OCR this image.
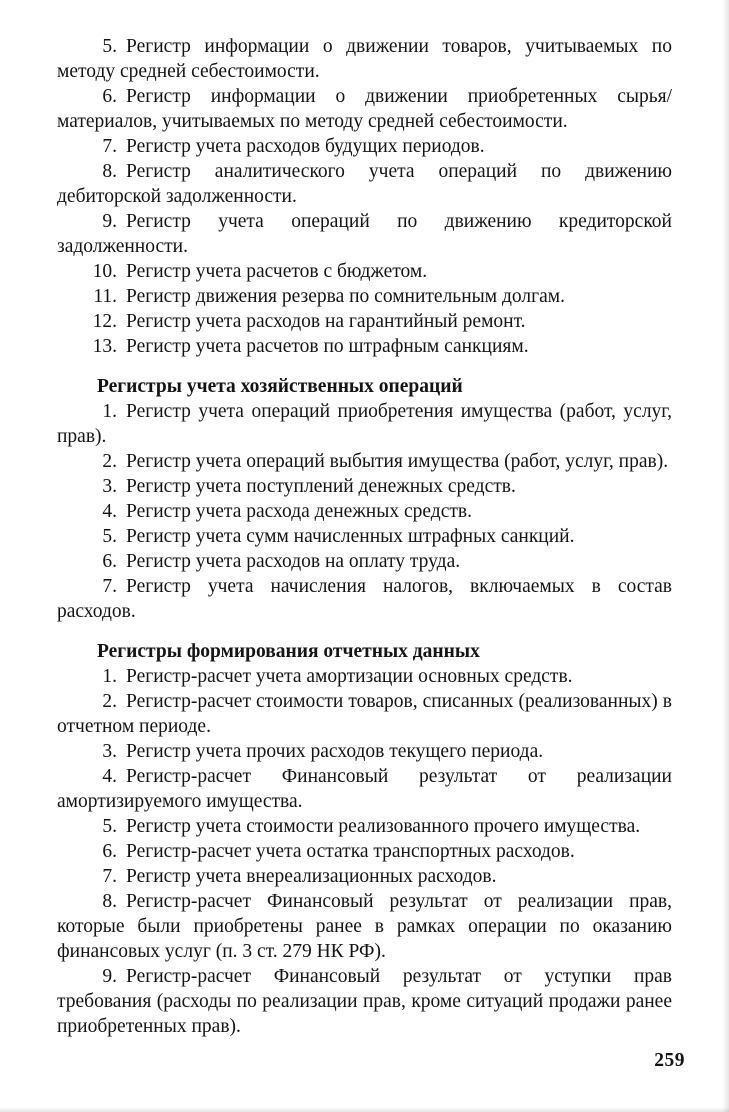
5. Регистр информации о движении товаров, учитываемых по методу средней себестоимости.

6. Регистр информации о движении приобретенных сырья/материалов, учитываемых по методу средней себестоимости.

7. Регистр учета расходов будущих периодов.

8. Регистр аналитического учета операций по движению дебиторской задолженности.

9. Регистр учета операций по движению кредиторской задолженности.

10. Регистр учета расчетов с бюджетом.

11. Регистр движения резерва по сомнительным долгам.

12. Регистр учета расходов на гарантийный ремонт.

13. Регистр учета расчетов по штрафным санкциям.

Регистры учета хозяйственных операций

1. Регистр учета операций приобретения имущества (работ, услуг, прав).

2. Регистр учета операций выбытия имущества (работ, услуг, прав).

3. Регистр учета поступлений денежных средств.

4. Регистр учета расхода денежных средств.

5. Регистр учета сумм начисленных штрафных санкций.

6. Регистр учета расходов на оплату труда.

7. Регистр учета начисления налогов, включаемых в состав расходов.

Регистры формирования отчетных данных

1. Регистр-расчет учета амортизации основных средств.

2. Регистр-расчет стоимости товаров, списанных (реализованных) в отчетном периоде.

3. Регистр учета прочих расходов текущего периода.

4. Регистр-расчет Финансовый результат от реализации амортизируемого имущества.

5. Регистр учета стоимости реализованного прочего имущества.

6. Регистр-расчет учета остатка транспортных расходов.

7. Регистр учета внереализационных расходов.

8. Регистр-расчет Финансовый результат от реализации прав, которые были приобретены ранее в рамках операции по оказанию финансовых услуг (п. 3 ст. 279 НК РФ).

9. Регистр-расчет Финансовый результат от уступки прав требования (расходы по реализации прав, кроме ситуаций продажи ранее приобретенных прав).

259
